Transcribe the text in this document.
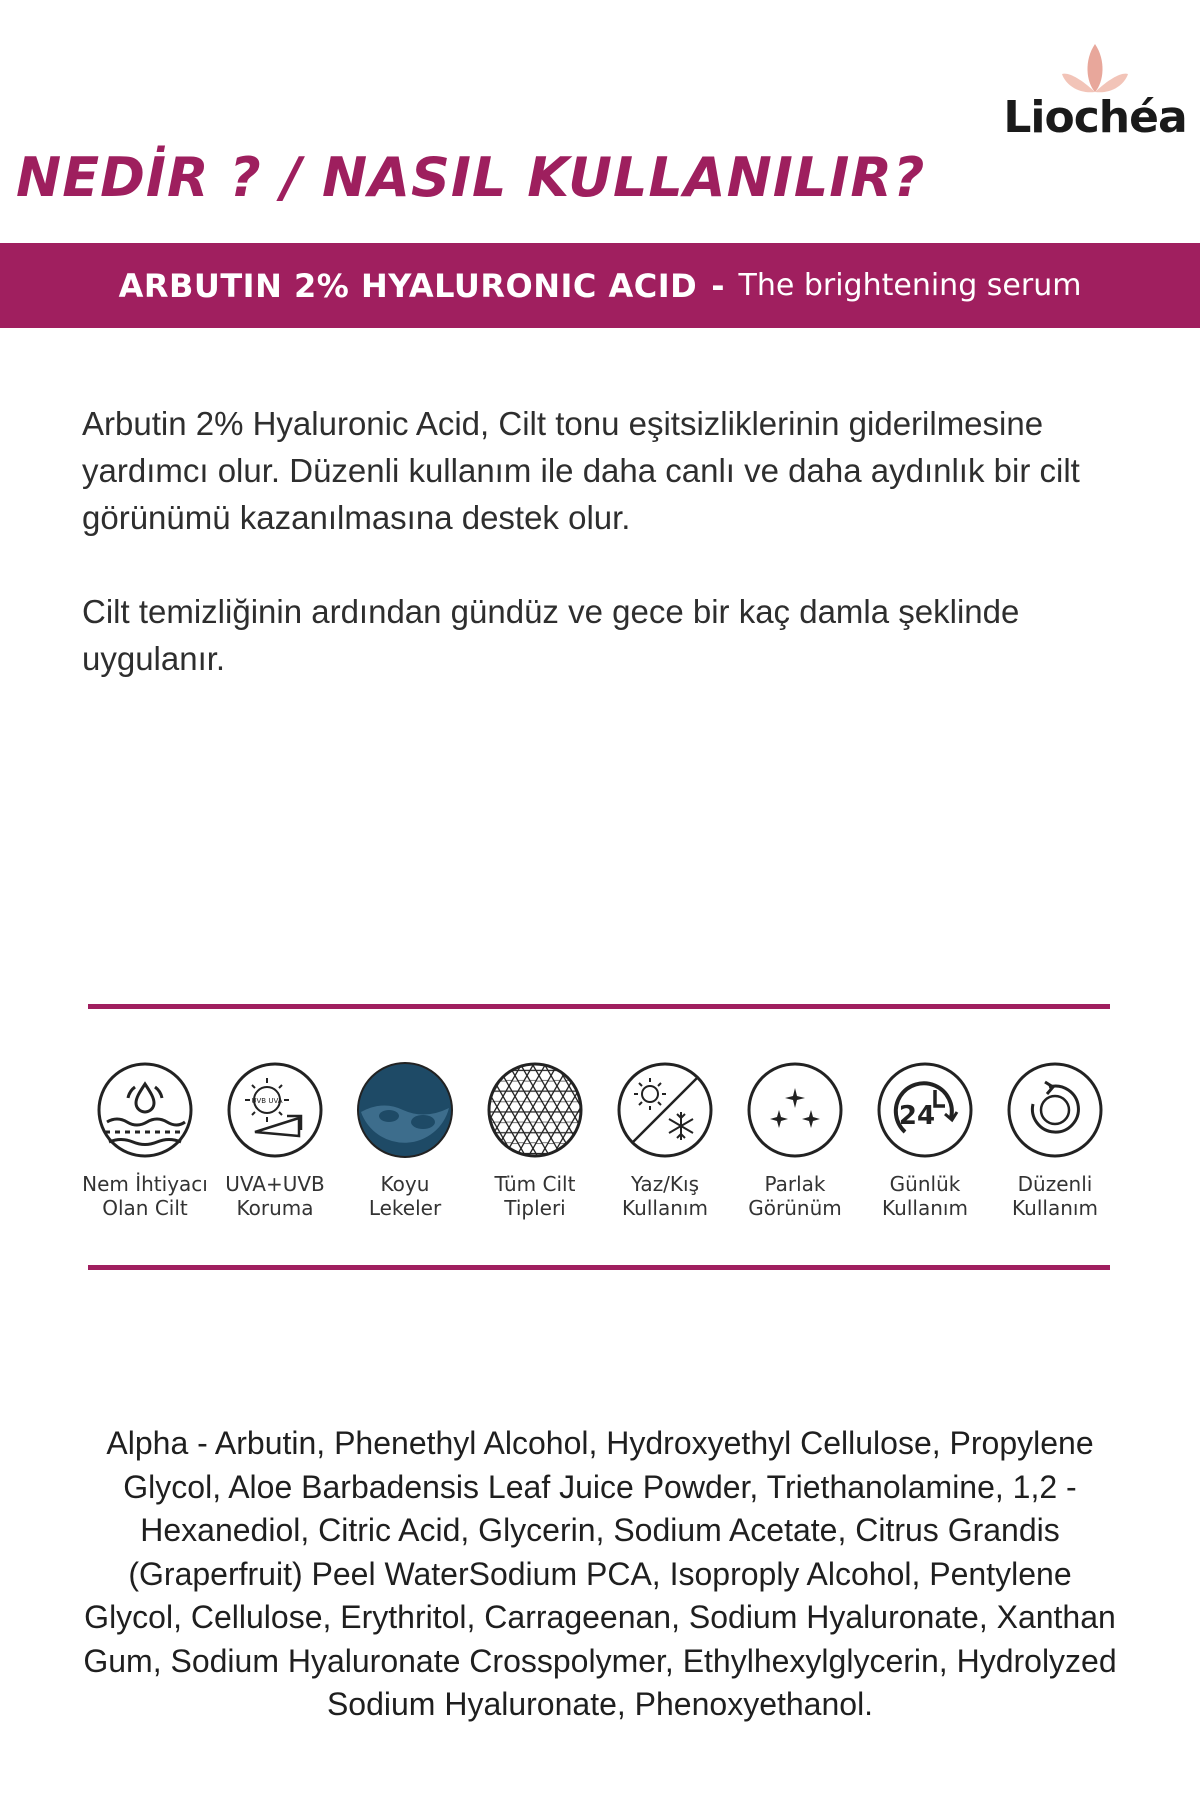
Liochéa
NEDİR ? / NASIL KULLANILIR?
ARBUTIN 2% HYALURONIC ACID - The brightening serum

Arbutin 2% Hyaluronic Acid, Cilt tonu eşitsizliklerinin giderilmesine yardımcı olur. Düzenli kullanım ile daha canlı ve daha aydınlık bir cilt görünümü kazanılmasına destek olur.

Cilt temizliğinin ardından gündüz ve gece bir kaç damla şeklinde uygulanır.

Nem İhtiyacı
Olan Cilt
UVB UVA
UVA+UVB
Koruma
Koyu
Lekeler
Tüm Cilt
Tipleri
Yaz/Kış
Kullanım
Parlak
Görünüm
24
Günlük
Kullanım
Düzenli
Kullanım
Alpha - Arbutin, Phenethyl Alcohol, Hydroxyethyl Cellulose, Propylene Glycol, Aloe Barbadensis Leaf Juice Powder, Triethanolamine, 1,2 - Hexanediol, Citric Acid, Glycerin, Sodium Acetate, Citrus Grandis (Graperfruit) Peel WaterSodium PCA, Isoproply Alcohol, Pentylene Glycol, Cellulose, Erythritol, Carrageenan, Sodium Hyaluronate, Xanthan Gum, Sodium Hyaluronate Crosspolymer, Ethylhexylglycerin, Hydrolyzed Sodium Hyaluronate, Phenoxyethanol.
